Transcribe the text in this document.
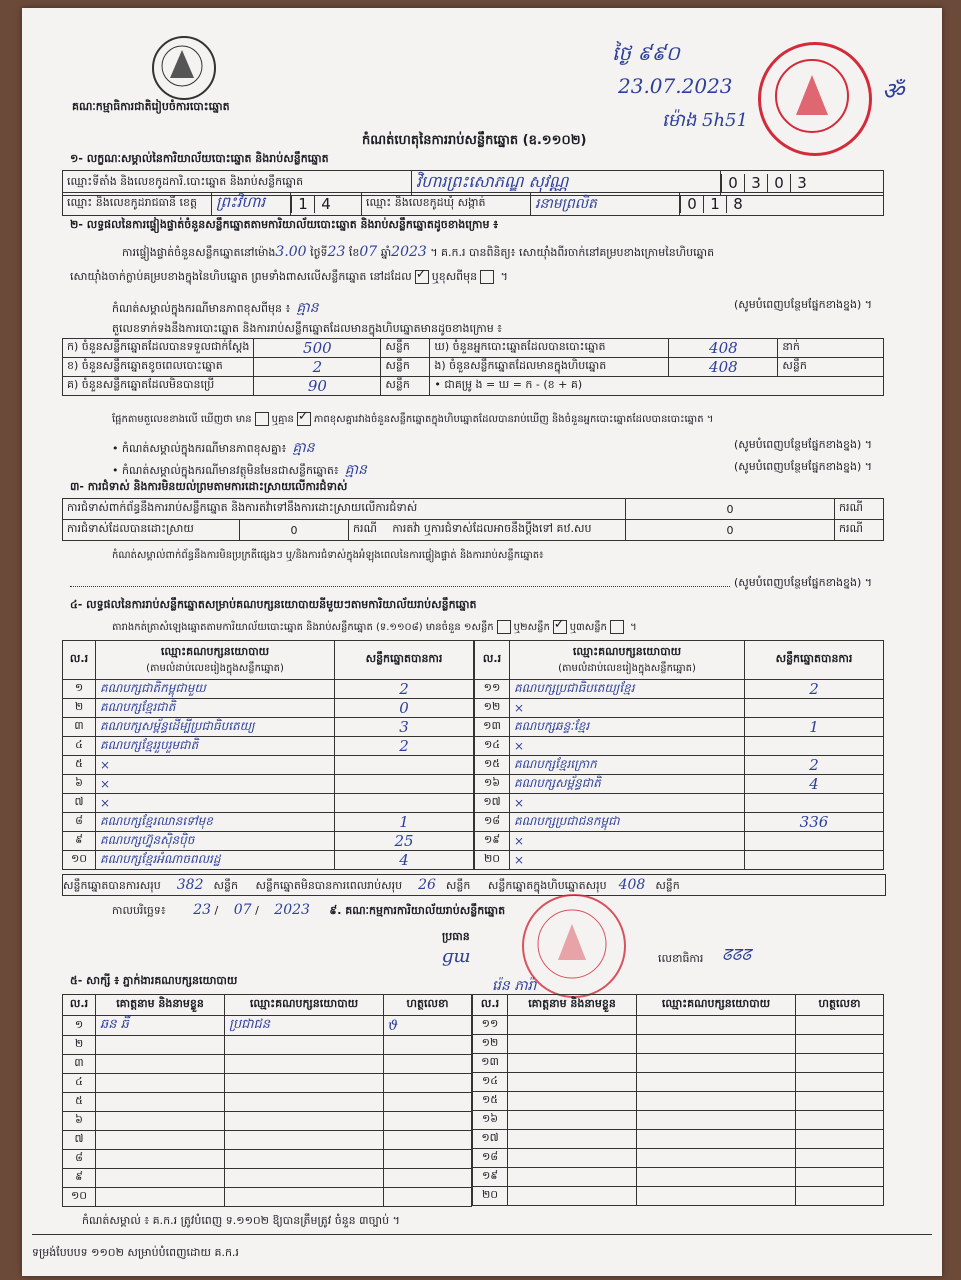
គណៈកម្មាធិការជាតិរៀបចំការបោះឆ្នោត
កំណត់ហេតុនៃការរាប់សន្លឹកឆ្នោត (ឧ.១១០២)
ថ្ងៃ ៩៩០
23.07.2023
ម៉ោង 5h51
ॐ
១- លក្ខណៈសម្គាល់នៃការិយាល័យបោះឆ្នោត និងរាប់សន្លឹកឆ្នោត
ឈ្មោះទីតាំង និងលេខកូដការិ.បោះឆ្នោត និងរាប់សន្លឹកឆ្នោត	វិហារព្រះសោភណ្ឌ សុវណ្ណ	0 3 0 3
ឈ្មោះ និងលេខកូដរាជធានី ខេត្ត	ព្រះវិហារ	1 4	ឈ្មោះ និងលេខកូដឃុំ សង្កាត់	រនាមព្រលិត	0 1 8
២- លទ្ធផលនៃការផ្ទៀងផ្ទាត់ចំនួនសន្លឹកឆ្នោតតាមការិយាល័យបោះឆ្នោត និងរាប់សន្លឹកឆ្នោតដូចខាងក្រោម ៖
ការផ្ទៀងផ្ទាត់ចំនួនសន្លឹកឆ្នោតនៅម៉ោង3.00 ថ្ងៃទី23 ខែ07 ឆ្នាំ2023 ។ គ.ក.រ បានពិនិត្យ៖ សោយ៉ាំងពីរចាក់នៅគម្របខាងក្រោមនៃហិបឆ្នោត
សោយ៉ាំងចាក់ក្លាប់គម្របខាងក្នុងនៃហិបឆ្នោត ព្រមទាំងពាសលើសន្លឹកឆ្នោត នៅដដែល ✓ ឬខុសពីមុន ។
កំណត់សម្គាល់ក្នុងករណីមានភាពខុសពីមុន ៖ គ្មាន	(សូមបំពេញបន្ថែមផ្នែកខាងខ្នង) ។
តួលេខទាក់ទងនឹងការបោះឆ្នោត និងការរាប់សន្លឹកឆ្នោតដែលមានក្នុងហិបឆ្នោតមានដូចខាងក្រោម ៖
ក) ចំនួនសន្លឹកឆ្នោតដែលបានទទួលជាក់ស្តែង	500	សន្លឹក	ឃ) ចំនួនអ្នកបោះឆ្នោតដែលបានបោះឆ្នោត	408	នាក់
ខ) ចំនួនសន្លឹកឆ្នោតខូចពេលបោះឆ្នោត	2	សន្លឹក	ង) ចំនួនសន្លឹកឆ្នោតដែលមានក្នុងហិបឆ្នោត	408	សន្លឹក
គ) ចំនួនសន្លឹកឆ្នោតដែលមិនបានប្រើ	90	សន្លឹក	• ជាគម្រូ ង = ឃ = ក - (ខ + គ)		
ផ្អែកតាមតួលេខខាងលើ ឃើញថា មាន ឬគ្មាន ✓ ភាពខុសគ្នារវាងចំនួនសន្លឹកឆ្នោតក្នុងហិបឆ្នោតដែលបានរាប់ឃើញ និងចំនួនអ្នកបោះឆ្នោតដែលបានបោះឆ្នោត ។
• កំណត់សម្គាល់ក្នុងករណីមានភាពខុសគ្នា៖ គ្មាន	(សូមបំពេញបន្ថែមផ្នែកខាងខ្នង) ។
• កំណត់សម្គាល់ក្នុងករណីមានវត្ថុមិនមែនជាសន្លឹកឆ្នោត៖ គ្មាន	(សូមបំពេញបន្ថែមផ្នែកខាងខ្នង) ។
៣- ការជំទាស់ និងការមិនយល់ព្រមតាមការដោះស្រាយលើការជំទាស់
ការជំទាស់ពាក់ព័ន្ធនឹងការរាប់សន្លឹកឆ្នោត និងការតវ៉ាទៅនឹងការដោះស្រាយលើការជំទាស់			0	ករណី
ការជំទាស់ដែលបានដោះស្រាយ	0	ករណី ការតវ៉ា ឬការជំទាស់ដែលអាចនឹងប្តឹងទៅ គឋ.សប	0	ករណី
កំណត់សម្គាល់ពាក់ព័ន្ធនឹងការមិនប្រក្រតីផ្សេងៗ ឬ/និងការជំទាស់ក្នុងអំឡុងពេលនៃការផ្ទៀងផ្ទាត់ និងការរាប់សន្លឹកឆ្នោត៖
(សូមបំពេញបន្ថែមផ្នែកខាងខ្នង) ។
៤- លទ្ធផលនៃការរាប់សន្លឹកឆ្នោតសម្រាប់គណបក្សនយោបាយនីមួយៗតាមការិយាល័យរាប់សន្លឹកឆ្នោត
តារាងកត់ត្រាសំឡេងឆ្នោតតាមការិយាល័យបោះឆ្នោត និងរាប់សន្លឹកឆ្នោត (ទ.១១០៨) មានចំនួន ១សន្លឹក ឬ២សន្លឹក ✓ ឬ៣សន្លឹក ។
ល.រ	ឈ្មោះគណបក្សនយោបាយ
(តាមលំដាប់លេខរៀងក្នុងសន្លឹកឆ្នោត)	សន្លឹកឆ្នោតបានការ
១	គណបក្សជាតិកម្ពុជាមួយ	2
២	គណបក្សខ្មែរជាតិ	0
៣	គណបក្សសម្ព័ន្ធដើម្បីប្រជាធិបតេយ្យ	3
៤	គណបក្សខ្មែររួបរួមជាតិ	2
៥	×	
៦	×	
៧	×	
៨	គណបក្សខ្មែរឈានទៅមុខ	1
៩	គណបក្សហ្វ៊ុនស៊ិនប៉ិច	25
១០	គណបក្សខ្មែរអំណាចពលរដ្ឋ	4
ល.រ	ឈ្មោះគណបក្សនយោបាយ
(តាមលំដាប់លេខរៀងក្នុងសន្លឹកឆ្នោត)	សន្លឹកឆ្នោតបានការ
១១	គណបក្សប្រជាធិបតេយ្យខ្មែរ	2
១២	×	
១៣	គណបក្សឆន្ទៈខ្មែរ	1
១៤	×	
១៥	គណបក្សខ្មែរក្រោក	2
១៦	គណបក្សសម្ព័ន្ធជាតិ	4
១៧	×	
១៨	គណបក្សប្រជាជនកម្ពុជា	336
១៩	×	
២០	×	
សន្លឹកឆ្នោតបានការសរុប 382 សន្លឹក សន្លឹកឆ្នោតមិនបានការពេលរាប់សរុប 26 សន្លឹក សន្លឹកឆ្នោតក្នុងហិបឆ្នោតសរុប 408 សន្លឹក
កាលបរិច្ឆេទ៖ 23 / 07 / 2023 ៩. គណៈកម្មការការិយាល័យរាប់សន្លឹកឆ្នោត
ប្រធាន
ɡɯ	លេខាធិការ ᘔᘔᘔ
រ៉េន ភារ៉ា
៥- សាក្សី ៖ ភ្នាក់ងារគណបក្សនយោបាយ
ល.រ	គោត្តនាម និងនាមខ្លួន	ឈ្មោះគណបក្សនយោបាយ	ហត្ថលេខា
១	ឆន ឆី	ប្រជាជន	ϑ
២			
៣			
៤			
៥			
៦			
៧			
៨			
៩			
១០			
ល.រ	គោត្តនាម និងនាមខ្លួន	ឈ្មោះគណបក្សនយោបាយ	ហត្ថលេខា
១១			
១២			
១៣			
១៤			
១៥			
១៦			
១៧			
១៨			
១៩			
២០			
កំណត់សម្គាល់ ៖ គ.ក.រ ត្រូវបំពេញ ទ.១១០២ ឱ្យបានត្រឹមត្រូវ ចំនួន ៣ច្បាប់ ។
ទម្រង់បែបបទ ១១០២ សម្រាប់បំពេញដោយ គ.ក.រ
